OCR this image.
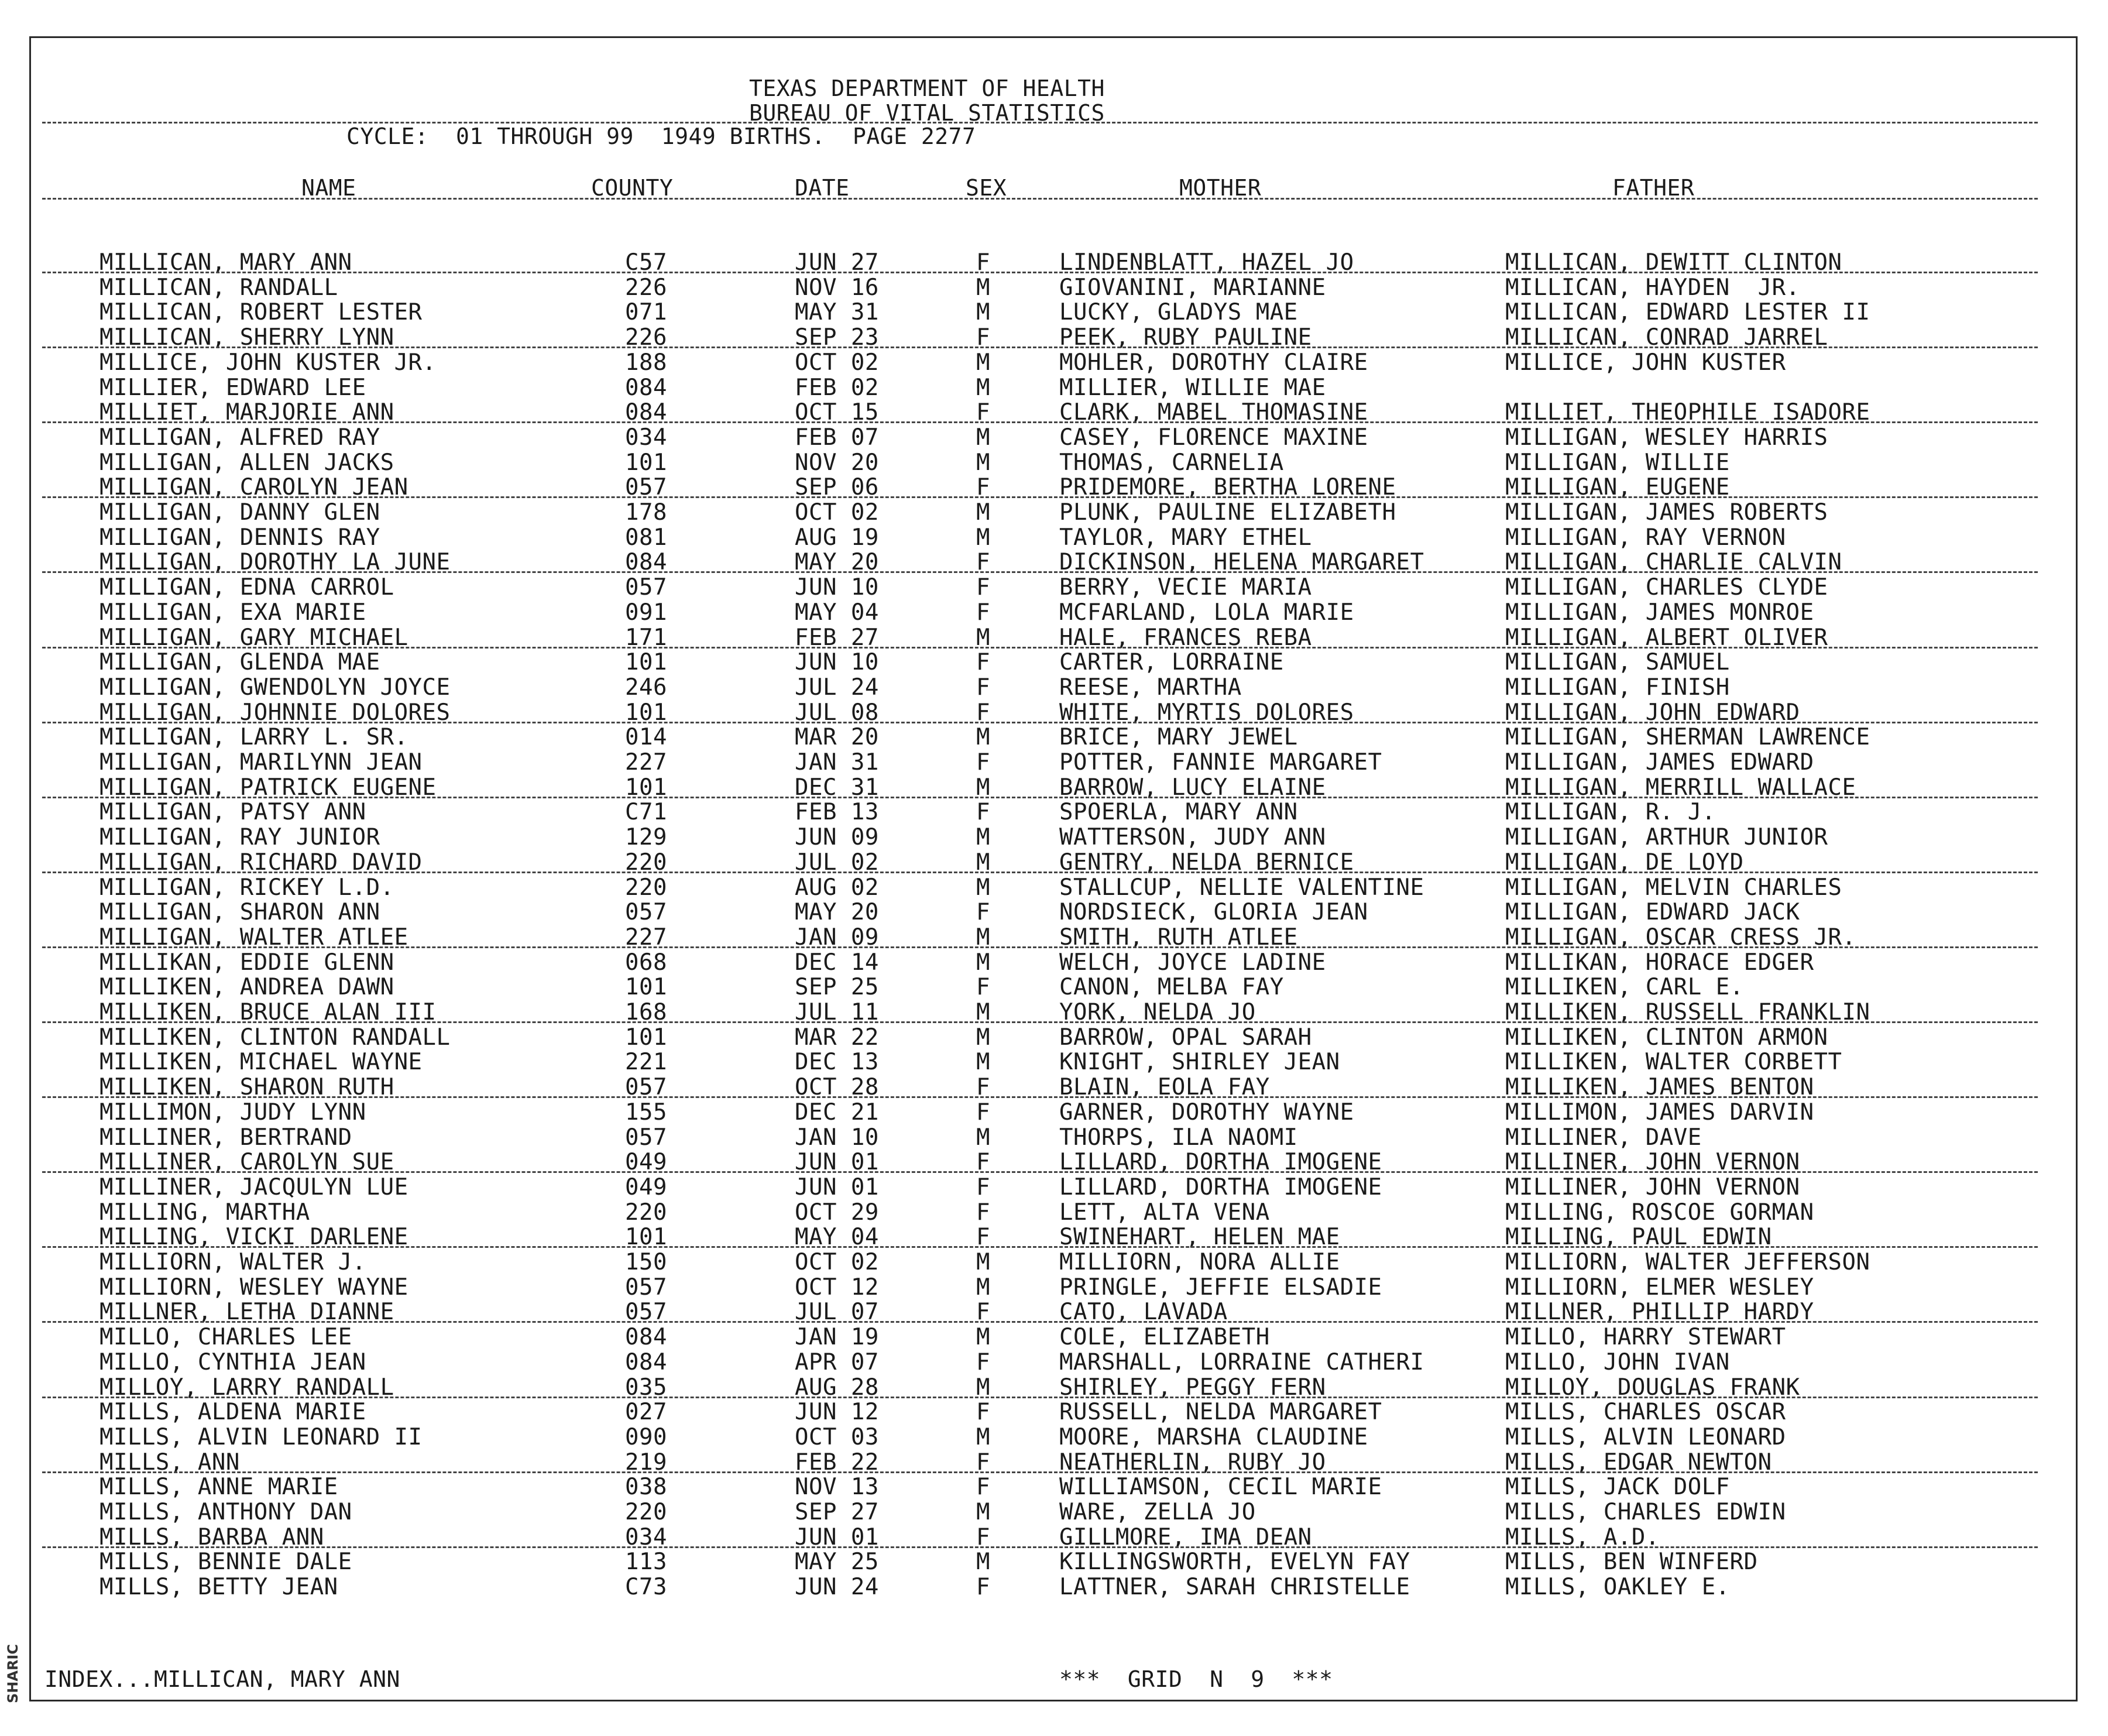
SHARIC
TEXAS DEPARTMENT OF HEALTH
BUREAU OF VITAL STATISTICS
CYCLE:  01 THROUGH 99  1949 BIRTHS.  PAGE 2277
NAME	COUNTY	DATE	SEX	MOTHER	FATHER
MILLICAN, MARY ANN	C57	JUN 27	F	LINDENBLATT, HAZEL JO	MILLICAN, DEWITT CLINTON
MILLICAN, RANDALL	226	NOV 16	M	GIOVANINI, MARIANNE	MILLICAN, HAYDEN  JR.
MILLICAN, ROBERT LESTER	071	MAY 31	M	LUCKY, GLADYS MAE	MILLICAN, EDWARD LESTER II
MILLICAN, SHERRY LYNN	226	SEP 23	F	PEEK, RUBY PAULINE	MILLICAN, CONRAD JARREL
MILLICE, JOHN KUSTER JR.	188	OCT 02	M	MOHLER, DOROTHY CLAIRE	MILLICE, JOHN KUSTER
MILLIER, EDWARD LEE	084	FEB 02	M	MILLIER, WILLIE MAE
MILLIET, MARJORIE ANN	084	OCT 15	F	CLARK, MABEL THOMASINE	MILLIET, THEOPHILE ISADORE
MILLIGAN, ALFRED RAY	034	FEB 07	M	CASEY, FLORENCE MAXINE	MILLIGAN, WESLEY HARRIS
MILLIGAN, ALLEN JACKS	101	NOV 20	M	THOMAS, CARNELIA	MILLIGAN, WILLIE
MILLIGAN, CAROLYN JEAN	057	SEP 06	F	PRIDEMORE, BERTHA LORENE	MILLIGAN, EUGENE
MILLIGAN, DANNY GLEN	178	OCT 02	M	PLUNK, PAULINE ELIZABETH	MILLIGAN, JAMES ROBERTS
MILLIGAN, DENNIS RAY	081	AUG 19	M	TAYLOR, MARY ETHEL	MILLIGAN, RAY VERNON
MILLIGAN, DOROTHY LA JUNE	084	MAY 20	F	DICKINSON, HELENA MARGARET	MILLIGAN, CHARLIE CALVIN
MILLIGAN, EDNA CARROL	057	JUN 10	F	BERRY, VECIE MARIA	MILLIGAN, CHARLES CLYDE
MILLIGAN, EXA MARIE	091	MAY 04	F	MCFARLAND, LOLA MARIE	MILLIGAN, JAMES MONROE
MILLIGAN, GARY MICHAEL	171	FEB 27	M	HALE, FRANCES REBA	MILLIGAN, ALBERT OLIVER
MILLIGAN, GLENDA MAE	101	JUN 10	F	CARTER, LORRAINE	MILLIGAN, SAMUEL
MILLIGAN, GWENDOLYN JOYCE	246	JUL 24	F	REESE, MARTHA	MILLIGAN, FINISH
MILLIGAN, JOHNNIE DOLORES	101	JUL 08	F	WHITE, MYRTIS DOLORES	MILLIGAN, JOHN EDWARD
MILLIGAN, LARRY L. SR.	014	MAR 20	M	BRICE, MARY JEWEL	MILLIGAN, SHERMAN LAWRENCE
MILLIGAN, MARILYNN JEAN	227	JAN 31	F	POTTER, FANNIE MARGARET	MILLIGAN, JAMES EDWARD
MILLIGAN, PATRICK EUGENE	101	DEC 31	M	BARROW, LUCY ELAINE	MILLIGAN, MERRILL WALLACE
MILLIGAN, PATSY ANN	C71	FEB 13	F	SPOERLA, MARY ANN	MILLIGAN, R. J.
MILLIGAN, RAY JUNIOR	129	JUN 09	M	WATTERSON, JUDY ANN	MILLIGAN, ARTHUR JUNIOR
MILLIGAN, RICHARD DAVID	220	JUL 02	M	GENTRY, NELDA BERNICE	MILLIGAN, DE LOYD
MILLIGAN, RICKEY L.D.	220	AUG 02	M	STALLCUP, NELLIE VALENTINE	MILLIGAN, MELVIN CHARLES
MILLIGAN, SHARON ANN	057	MAY 20	F	NORDSIECK, GLORIA JEAN	MILLIGAN, EDWARD JACK
MILLIGAN, WALTER ATLEE	227	JAN 09	M	SMITH, RUTH ATLEE	MILLIGAN, OSCAR CRESS JR.
MILLIKAN, EDDIE GLENN	068	DEC 14	M	WELCH, JOYCE LADINE	MILLIKAN, HORACE EDGER
MILLIKEN, ANDREA DAWN	101	SEP 25	F	CANON, MELBA FAY	MILLIKEN, CARL E.
MILLIKEN, BRUCE ALAN III	168	JUL 11	M	YORK, NELDA JO	MILLIKEN, RUSSELL FRANKLIN
MILLIKEN, CLINTON RANDALL	101	MAR 22	M	BARROW, OPAL SARAH	MILLIKEN, CLINTON ARMON
MILLIKEN, MICHAEL WAYNE	221	DEC 13	M	KNIGHT, SHIRLEY JEAN	MILLIKEN, WALTER CORBETT
MILLIKEN, SHARON RUTH	057	OCT 28	F	BLAIN, EOLA FAY	MILLIKEN, JAMES BENTON
MILLIMON, JUDY LYNN	155	DEC 21	F	GARNER, DOROTHY WAYNE	MILLIMON, JAMES DARVIN
MILLINER, BERTRAND	057	JAN 10	M	THORPS, ILA NAOMI	MILLINER, DAVE
MILLINER, CAROLYN SUE	049	JUN 01	F	LILLARD, DORTHA IMOGENE	MILLINER, JOHN VERNON
MILLINER, JACQULYN LUE	049	JUN 01	F	LILLARD, DORTHA IMOGENE	MILLINER, JOHN VERNON
MILLING, MARTHA	220	OCT 29	F	LETT, ALTA VENA	MILLING, ROSCOE GORMAN
MILLING, VICKI DARLENE	101	MAY 04	F	SWINEHART, HELEN MAE	MILLING, PAUL EDWIN
MILLIORN, WALTER J.	150	OCT 02	M	MILLIORN, NORA ALLIE	MILLIORN, WALTER JEFFERSON
MILLIORN, WESLEY WAYNE	057	OCT 12	M	PRINGLE, JEFFIE ELSADIE	MILLIORN, ELMER WESLEY
MILLNER, LETHA DIANNE	057	JUL 07	F	CATO, LAVADA	MILLNER, PHILLIP HARDY
MILLO, CHARLES LEE	084	JAN 19	M	COLE, ELIZABETH	MILLO, HARRY STEWART
MILLO, CYNTHIA JEAN	084	APR 07	F	MARSHALL, LORRAINE CATHERI	MILLO, JOHN IVAN
MILLOY, LARRY RANDALL	035	AUG 28	M	SHIRLEY, PEGGY FERN	MILLOY, DOUGLAS FRANK
MILLS, ALDENA MARIE	027	JUN 12	F	RUSSELL, NELDA MARGARET	MILLS, CHARLES OSCAR
MILLS, ALVIN LEONARD II	090	OCT 03	M	MOORE, MARSHA CLAUDINE	MILLS, ALVIN LEONARD
MILLS, ANN	219	FEB 22	F	NEATHERLIN, RUBY JO	MILLS, EDGAR NEWTON
MILLS, ANNE MARIE	038	NOV 13	F	WILLIAMSON, CECIL MARIE	MILLS, JACK DOLF
MILLS, ANTHONY DAN	220	SEP 27	M	WARE, ZELLA JO	MILLS, CHARLES EDWIN
MILLS, BARBA ANN	034	JUN 01	F	GILLMORE, IMA DEAN	MILLS, A.D.
MILLS, BENNIE DALE	113	MAY 25	M	KILLINGSWORTH, EVELYN FAY	MILLS, BEN WINFERD
MILLS, BETTY JEAN	C73	JUN 24	F	LATTNER, SARAH CHRISTELLE	MILLS, OAKLEY E.
INDEX...MILLICAN, MARY ANN	***  GRID  N  9  ***
